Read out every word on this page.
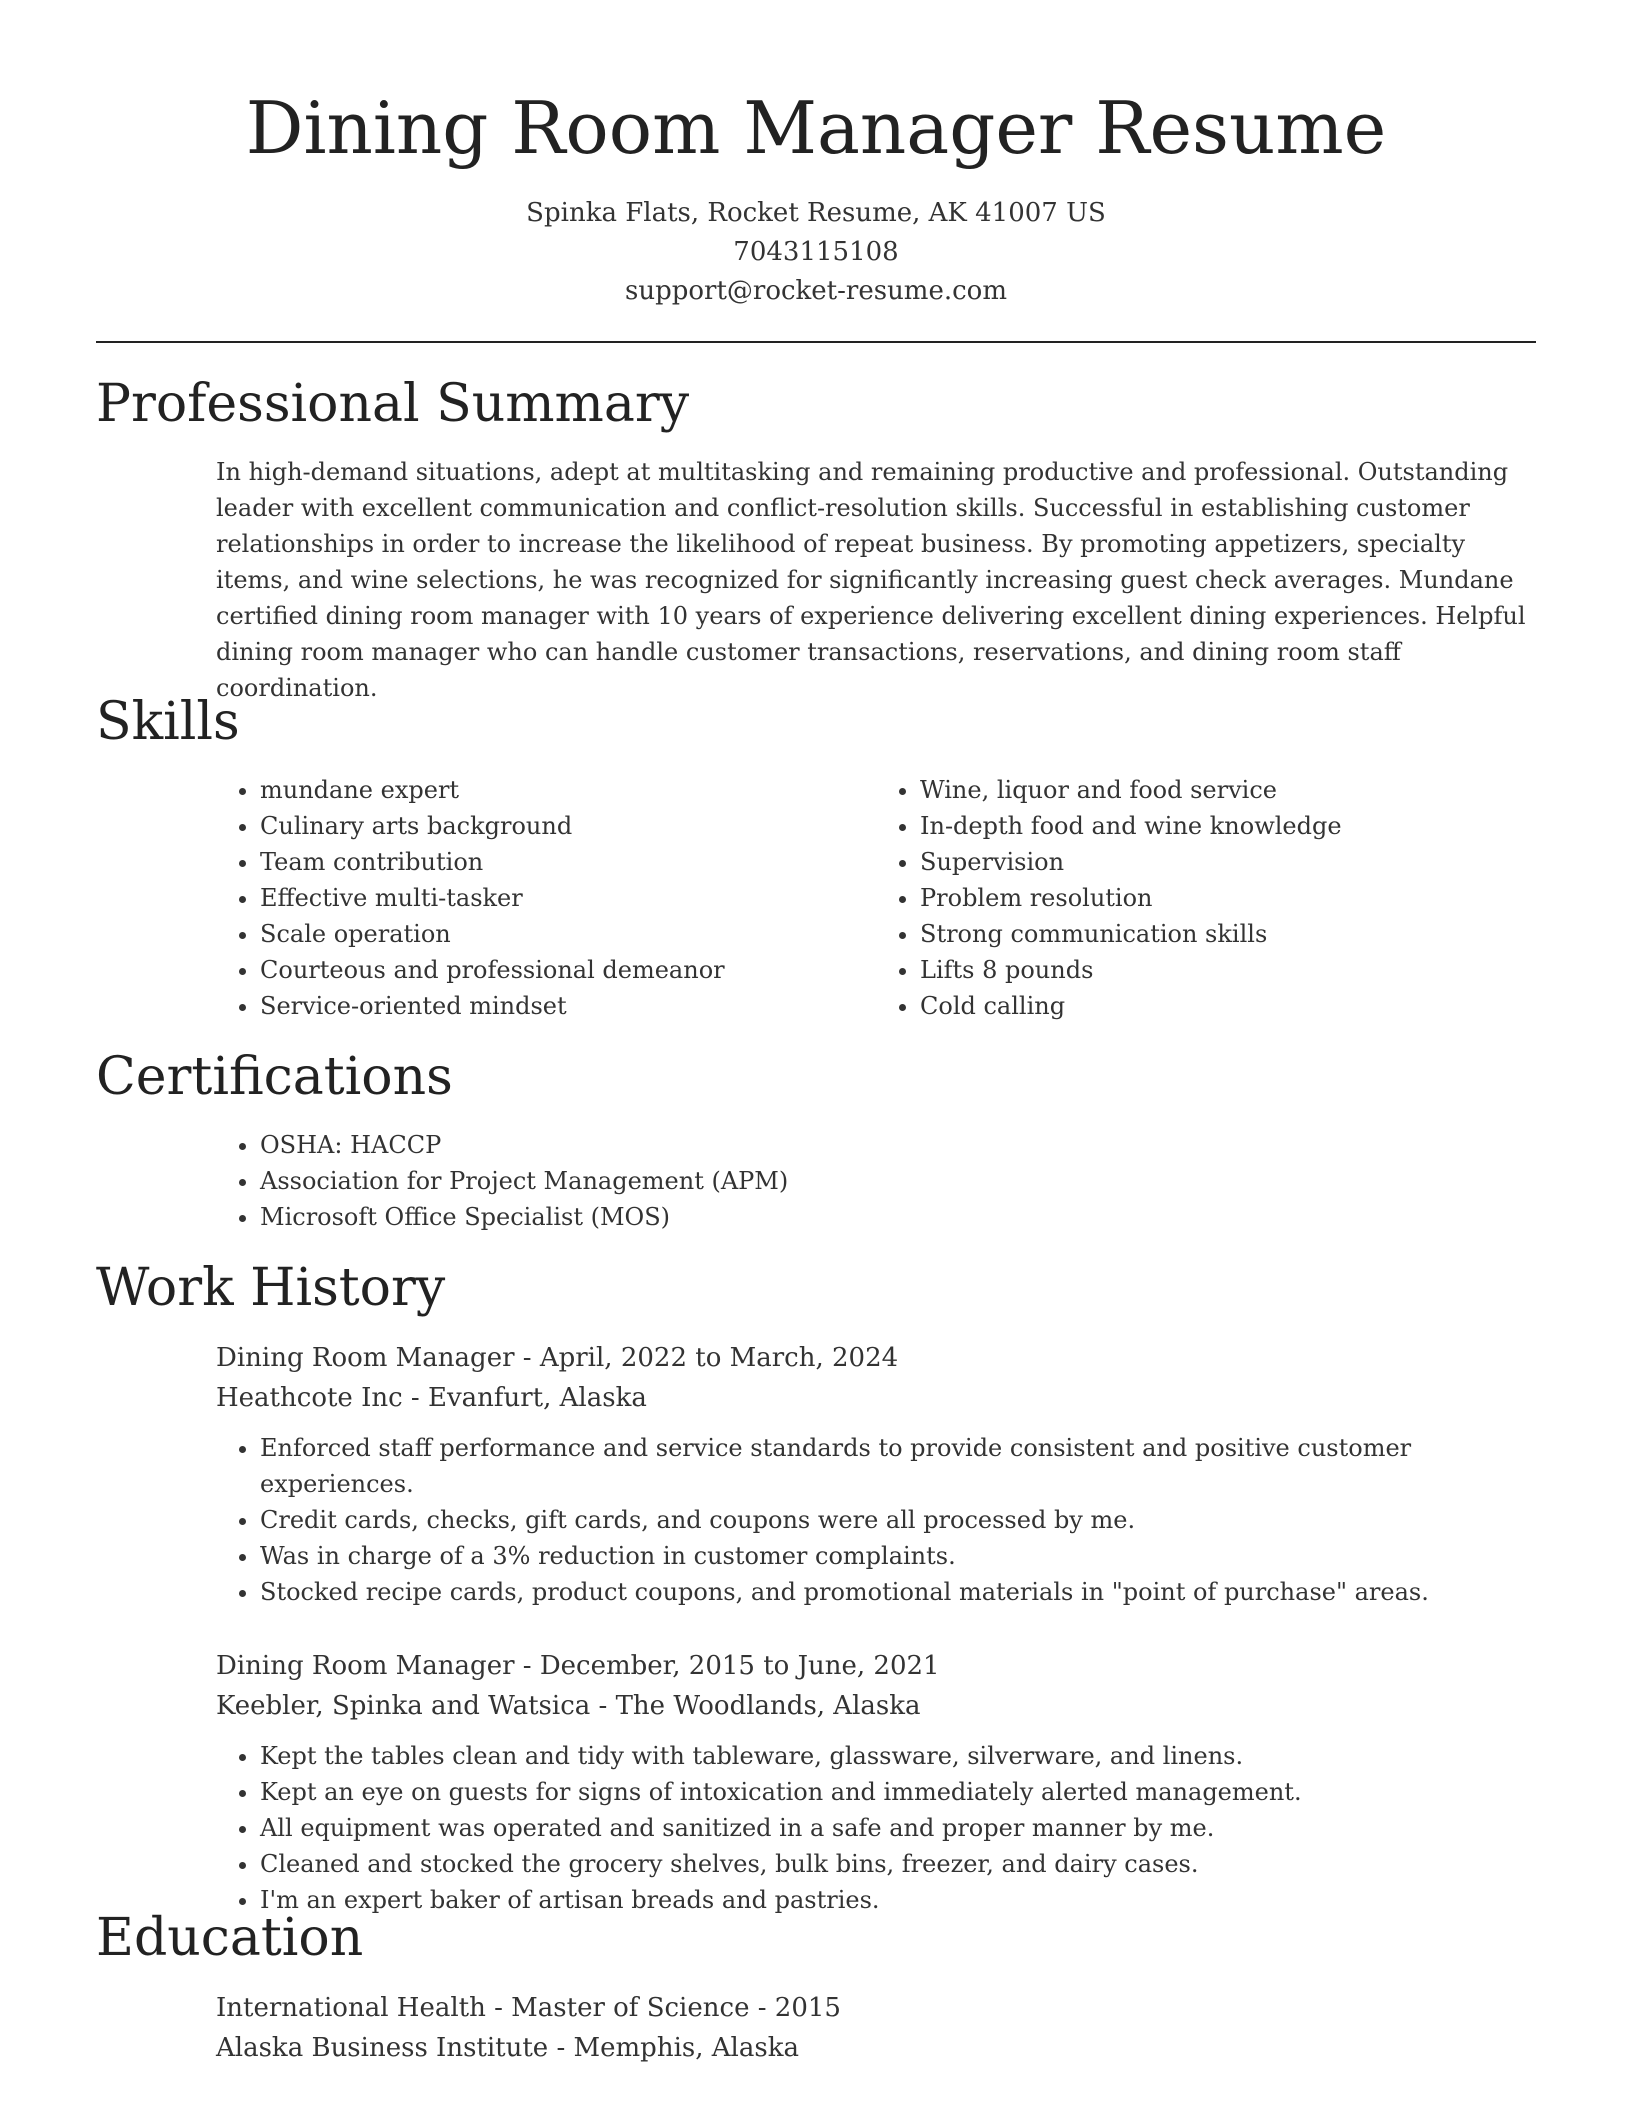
Dining Room Manager Resume
Spinka Flats, Rocket Resume, AK 41007 US
7043115108
support@rocket-resume.com
Professional Summary
In high-demand situations, adept at multitasking and remaining productive and professional. Outstanding leader with excellent communication and conflict-resolution skills. Successful in establishing customer relationships in order to increase the likelihood of repeat business. By promoting appetizers, specialty items, and wine selections, he was recognized for significantly increasing guest check averages. Mundane certified dining room manager with 10 years of experience delivering excellent dining experiences. Helpful dining room manager who can handle customer transactions, reservations, and dining room staff coordination.
Skills
• mundane expert
• Culinary arts background
• Team contribution
• Effective multi-tasker
• Scale operation
• Courteous and professional demeanor
• Service-oriented mindset
• Wine, liquor and food service
• In-depth food and wine knowledge
• Supervision
• Problem resolution
• Strong communication skills
• Lifts 8 pounds
• Cold calling
Certifications
• OSHA: HACCP
• Association for Project Management (APM)
• Microsoft Office Specialist (MOS)
Work History
Dining Room Manager - April, 2022 to March, 2024
Heathcote Inc - Evanfurt, Alaska
• Enforced staff performance and service standards to provide consistent and positive customer experiences.
• Credit cards, checks, gift cards, and coupons were all processed by me.
• Was in charge of a 3% reduction in customer complaints.
• Stocked recipe cards, product coupons, and promotional materials in "point of purchase" areas.
Dining Room Manager - December, 2015 to June, 2021
Keebler, Spinka and Watsica - The Woodlands, Alaska
• Kept the tables clean and tidy with tableware, glassware, silverware, and linens.
• Kept an eye on guests for signs of intoxication and immediately alerted management.
• All equipment was operated and sanitized in a safe and proper manner by me.
• Cleaned and stocked the grocery shelves, bulk bins, freezer, and dairy cases.
• I'm an expert baker of artisan breads and pastries.
Education
International Health - Master of Science - 2015
Alaska Business Institute - Memphis, Alaska
